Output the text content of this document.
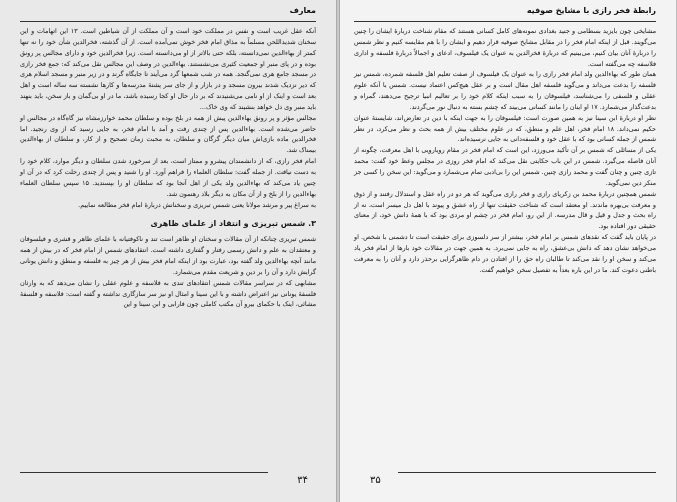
معارف

آنکه عقل غریب است و نفس در مملکت خود است و آن مملکت از آن شیاطین است. ۱۳ این اتهامات و این سخنان شدیداللحن مسلماً به مذاق امام فخر خوش نمی‌آمده است. از آن گذشته، فخرالدین شأن خود را نه تنها کمتر از بهاءالدین نمی‌دانسته، بلکه حتی بالاتر از او می‌دانسته است. زیرا فخرالدین خود و دارای مجالس پر رونق بوده و در پای منبر او جمعیت کثیری می‌نشستند. بهاءالدین در وصف این مجالس نقل می‌کند که: جمع فخر رازی در مسجد جامع هری نمی‌گنجد. همه در شب شمعها گرد می‌آیند تا جایگاه گرند و در زیر منبر و مسجد اسلام هری که دیر نزدیک شدند بیرون مسجد و در بازار و از جای سر پشتهٔ مدرسه‌ها و کارها نشسته سه ساله است و اهل بعد است و اینک از او نامی می‌شنیدند که بر دار حال او کجا رسیده باشد، ما در او بی‌گمان و باز سخن، باید بنهند باید منبر وی دل خواهد بنشیند که وی خاک...

مجالس مؤثر و پر رونق بهاءالدین پیش از همه در بلخ بوده و سلطان محمد خوارزمشاه نیز گاه‌گاه در مجالس او حاضر می‌شده است. بهاءالدین پس از چندی رفت و آمد با امام فخر، به جایی رسید که از وی رنجید. اما فخرالدین ماده بازی‌اش میان دیگر گرگان و سلطان، به محبت زمان تصحیح و از کار، و سلطان از بهاءالدین بیمناک شد.

امام فخر رازی، که از دانشمندان پیشرو و ممتاز است، بعد از سرخورد شدن سلطان و دیگر موارد، کلام خود را به دست نیافت. از جمله گفت: سلطان العلماء را فراهم آورد. او را شنید و پس از چندی رحلت کرد که در آن او چنین یاد می‌کند که بهاءالدین ولد یکی از اهل آنجا بود که سلطان او را بپسندید. ۱۵ سپس سلطان العلماء بهاءالدین را از بلخ و از آن مکان به دیگر بلاد رهنمون شد.

به سراغ پیر و مرشد مولانا یعنی شمس تبریزی و سخنانش دربارهٔ امام فخر مطالعه نماییم.

۳. شمس تبریزی و انتقاد از علمای ظاهری

شمس تبریزی چنانکه از آن مقالات و سخنان او ظاهر است تند و ناکوفتیانه با علمای ظاهر و قشری و فیلسوفان و معتقدان به علم و دانش رسمی رفتار و گفتاری داشته است. انتقادهای شمس از امام فخر که در بیش از همه مانند آنچه بهاءالدین ولد گفته بود، عبارت بود از اینکه امام فخر بیش از هر چیز به فلسفه و منطق و دانش یونانی گرایش دارد و آن را بر دین و شریعت مقدم می‌شمارد.

مشابهی که در سراسر مقالات شمس انتقادهای تندی به فلاسفه و علوم عقلی را نشان می‌دهد که به وارثان فلسفهٔ یونانی نیز اعتراض داشته و با این سینا و امثال او نیز سر سازگاری نداشته و گفته است: فلاسفه و فلسفهٔ مشائی، اینک با حکمای بیرو آن مکتب کاملی چون فارابی و ابن سینا و این

۳۴
رابطهٔ فخر رازی با مشایخ صوفیه

مشایخی چون بایزید بسطامی و جنید بغدادی نمونه‌های کامل کسانی هستند که مقام شناخت دربارهٔ ایشان را چنین می‌گویند. قبل از اینکه امام فخر را در مقابل مشایخ صوفیه قرار دهیم و ایشان را با هم مقایسه کنیم و نظر شمس را دربارهٔ آنان بیان کنیم، می‌بینیم که دربارهٔ فخرالدین به عنوان یک فیلسوف، ادعای و اجمالاً دربارهٔ فلسفه و اداری فلاسفه چه می‌گفته است.

همان طور که بهاءالدین ولد امام فخر رازی را به عنوان یک فیلسوف از صفت تعلیم اهل فلسفه شمرده، شمس نیز فلسفه را بدعت می‌داند و می‌گوید فلسفه اهل مقال است و بر عقل هیچ‌کس اعتماد نیست. شمس با آنکه علوم عقلی و فلسفی را می‌شناسد، فیلسوفان را به سبب اینکه کلام خود را بر تعالیم انبیا ترجیح می‌دهند، گمراه و بدعت‌گذار می‌شمارد. ۱۷ او اینان را مانند کسانی می‌بیند که چشم بسته به دنبال نور می‌گردند.

نظر او دربارهٔ ابن سینا نیز به همین صورت است: فیلسوفان را به جهت اینکه با دین در تعارض‌اند، شایستهٔ عنوان حکیم نمی‌داند. ۱۸ امام فخر، اهل علم و منطق، که در علوم مختلف بیش از همه بحث و نظر می‌کرد، در نظر شمس از جمله کسانی بود که با عقل خود و فلسفه‌دانی به جایی نرسیده‌اند.

یکی از مسائلی که شمس بر آن تأکید می‌ورزد، این است که امام فخر در مقام رویارویی با اهل معرفت، چگونه از آنان فاصله می‌گیرد. شمس در این باب حکایتی نقل می‌کند که امام فخر روزی در مجلس وعظ خود گفت: محمد تازی چنین و چنان گفت و محمد رازی چنین. شمس این را بی‌ادبی تمام می‌شمارد و می‌گوید: این سخن را کسی جز منکر دین نمی‌گوید.

شمس همچنین دربارهٔ محمد بن زکریای رازی و فخر رازی می‌گوید که هر دو در راه عقل و استدلال رفتند و از ذوق و معرفت بی‌بهره ماندند. او معتقد است که شناخت حقیقت تنها از راه عشق و پیوند با اهل دل میسر است، نه از راه بحث و جدل و قیل و قال مدرسه. از این رو، امام فخر در چشم او مردی بود که با همهٔ دانش خود، از معنای حقیقی دور افتاده بود.

در پایان باید گفت که نقدهای شمس بر امام فخر، بیشتر از سر دلسوزی برای حقیقت است تا دشمنی با شخص. او می‌خواهد نشان دهد که دانش بی‌عشق، راه به جایی نمی‌برد. به همین جهت در مقالات خود بارها از امام فخر یاد می‌کند و سخن او را نقد می‌کند تا طالبان راه حق را از افتادن در دام ظاهرگرایی برحذر دارد و آنان را به معرفت باطنی دعوت کند. ما در این باره بعداً به تفصیل سخن خواهیم گفت.

۳۵
